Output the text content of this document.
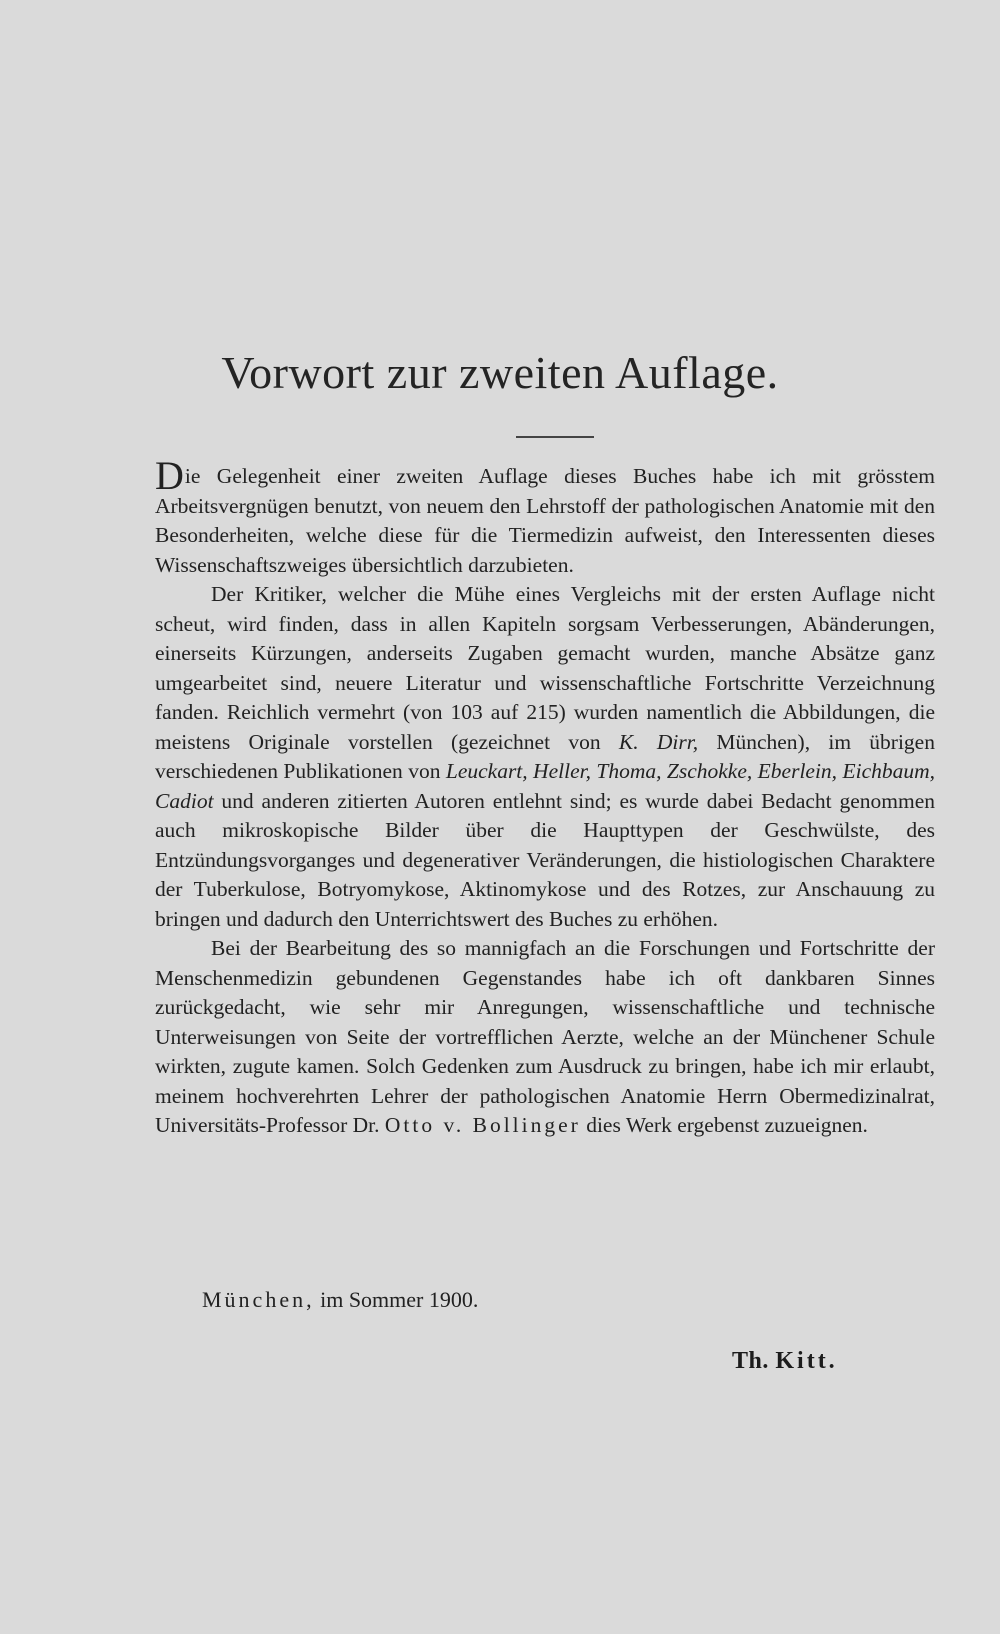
Vorwort zur zweiten Auflage.

Die Gelegenheit einer zweiten Auflage dieses Buches habe ich mit grösstem Arbeitsvergnügen benutzt, von neuem den Lehrstoff der pathologischen Anatomie mit den Besonderheiten, welche diese für die Tiermedizin aufweist, den Interessenten dieses Wissenschaftszweiges übersichtlich darzubieten.

Der Kritiker, welcher die Mühe eines Vergleichs mit der ersten Auflage nicht scheut, wird finden, dass in allen Kapiteln sorgsam Verbesserungen, Abänderungen, einerseits Kürzungen, anderseits Zugaben gemacht wurden, manche Absätze ganz umgearbeitet sind, neuere Literatur und wissenschaftliche Fortschritte Verzeichnung fanden. Reichlich vermehrt (von 103 auf 215) wurden namentlich die Abbildungen, die meistens Originale vorstellen (gezeichnet von K. Dirr, München), im übrigen verschiedenen Publikationen von Leuckart, Heller, Thoma, Zschokke, Eberlein, Eichbaum, Cadiot und anderen zitierten Autoren entlehnt sind; es wurde dabei Bedacht genommen auch mikroskopische Bilder über die Haupttypen der Geschwülste, des Entzündungsvorganges und degenerativer Veränderungen, die histiologischen Charaktere der Tuberkulose, Botryomykose, Aktinomykose und des Rotzes, zur Anschauung zu bringen und dadurch den Unterrichtswert des Buches zu erhöhen.

Bei der Bearbeitung des so mannigfach an die Forschungen und Fortschritte der Menschenmedizin gebundenen Gegenstandes habe ich oft dankbaren Sinnes zurückgedacht, wie sehr mir Anregungen, wissenschaftliche und technische Unterweisungen von Seite der vortrefflichen Aerzte, welche an der Münchener Schule wirkten, zugute kamen. Solch Gedenken zum Ausdruck zu bringen, habe ich mir erlaubt, meinem hochverehrten Lehrer der pathologischen Anatomie Herrn Obermedizinalrat, Universitäts-Professor Dr. Otto v. Bollinger dies Werk ergebenst zuzueignen.

München, im Sommer 1900.
Th. Kitt.
